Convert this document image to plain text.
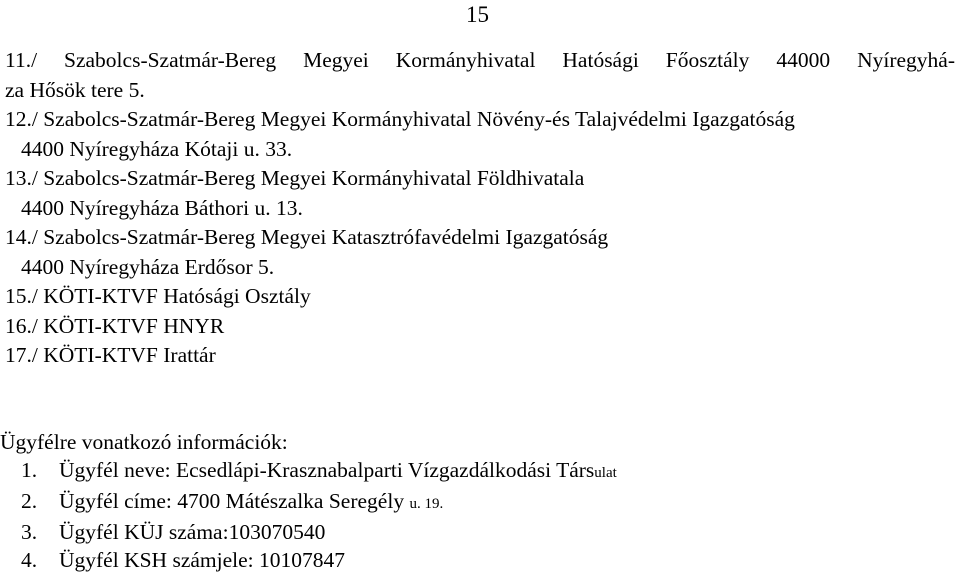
15
11./ Szabolcs-Szatmár-Bereg Megyei Kormányhivatal Hatósági Főosztály 44000 Nyíregyhá-
za Hősök tere 5.
12./ Szabolcs-Szatmár-Bereg Megyei Kormányhivatal Növény-és Talajvédelmi Igazgatóság
4400 Nyíregyháza Kótaji u. 33.
13./ Szabolcs-Szatmár-Bereg Megyei Kormányhivatal Földhivatala
4400 Nyíregyháza Báthori u. 13.
14./ Szabolcs-Szatmár-Bereg Megyei Katasztrófavédelmi Igazgatóság
4400 Nyíregyháza Erdősor 5.
15./ KÖTI-KTVF Hatósági Osztály
16./ KÖTI-KTVF HNYR
17./ KÖTI-KTVF Irattár
Ügyfélre vonatkozó információk:
1. Ügyfél neve: Ecsedlápi-Krasznabalparti Vízgazdálkodási Társulat
2. Ügyfél címe: 4700 Mátészalka Seregély u. 19.
3. Ügyfél KÜJ száma:103070540
4. Ügyfél KSH számjele: 10107847
